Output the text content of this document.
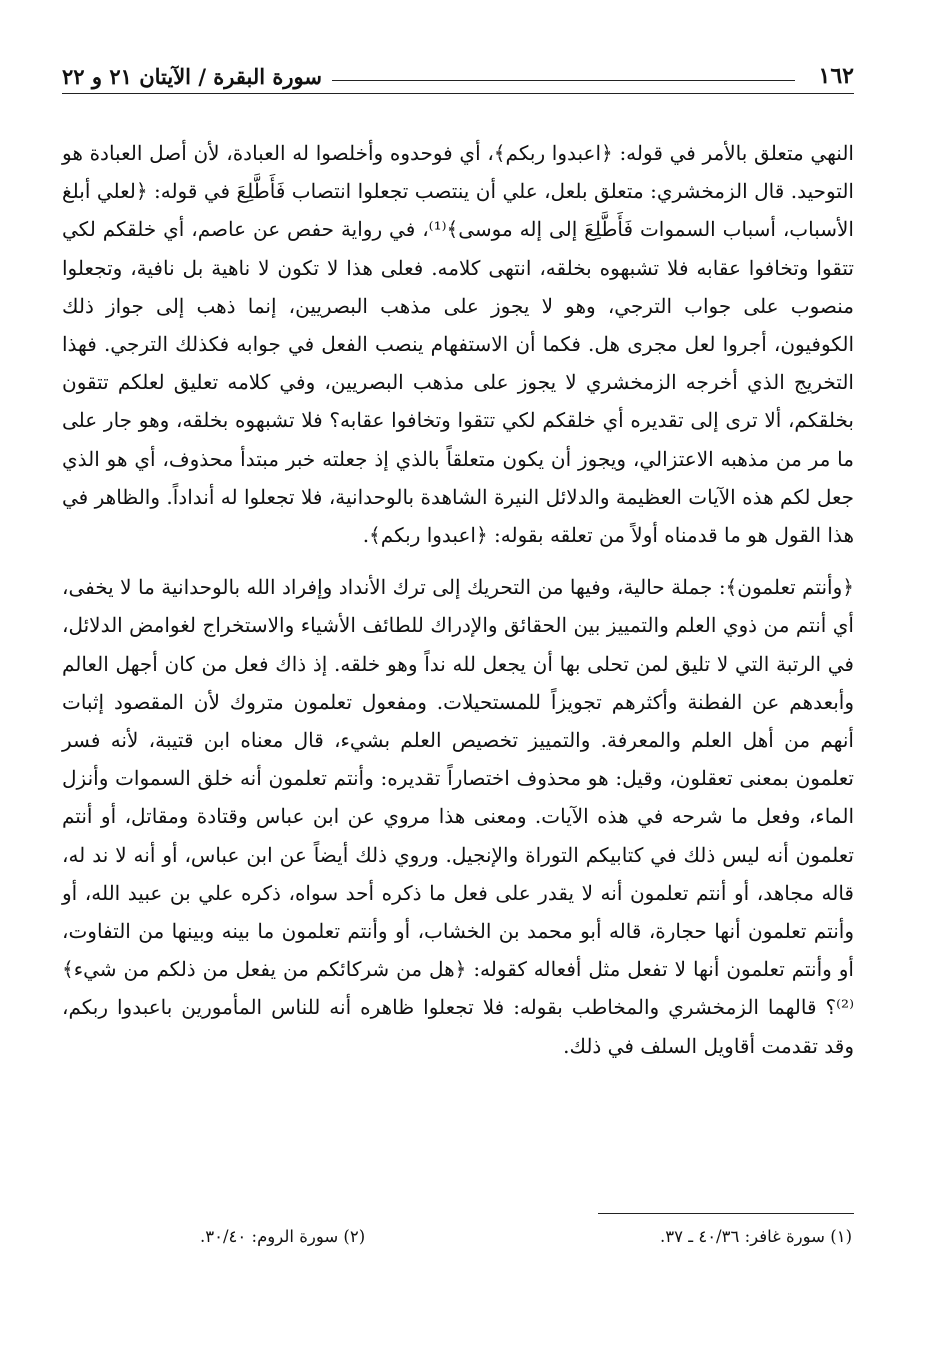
١٦٢
سورة البقرة / الآيتان ٢١ و ٢٢

النهي متعلق بالأمر في قوله: ﴿اعبدوا ربكم﴾، أي فوحدوه وأخلصوا له العبادة، لأن أصل العبادة هو التوحيد. قال الزمخشري: متعلق بلعل، علي أن ينتصب تجعلوا انتصاب فَأَطَّلِعَ في قوله: ﴿لعلي أبلغ الأسباب، أسباب السموات فَأَطَّلِعَ إلى إله موسى﴾⁽¹⁾، في رواية حفص عن عاصم، أي خلقكم لكي تتقوا وتخافوا عقابه فلا تشبهوه بخلقه، انتهى كلامه. فعلى هذا لا تكون لا ناهية بل نافية، وتجعلوا منصوب على جواب الترجي، وهو لا يجوز على مذهب البصريين، إنما ذهب إلى جواز ذلك الكوفيون، أجروا لعل مجرى هل. فكما أن الاستفهام ينصب الفعل في جوابه فكذلك الترجي. فهذا التخريج الذي أخرجه الزمخشري لا يجوز على مذهب البصريين، وفي كلامه تعليق لعلكم تتقون بخلقكم، ألا ترى إلى تقديره أي خلقكم لكي تتقوا وتخافوا عقابه؟ فلا تشبهوه بخلقه، وهو جار على ما مر من مذهبه الاعتزالي، ويجوز أن يكون متعلقاً بالذي إذ جعلته خبر مبتدأ محذوف، أي هو الذي جعل لكم هذه الآيات العظيمة والدلائل النيرة الشاهدة بالوحدانية، فلا تجعلوا له أنداداً. والظاهر في هذا القول هو ما قدمناه أولاً من تعلقه بقوله: ﴿اعبدوا ربكم﴾.

﴿وأنتم تعلمون﴾: جملة حالية، وفيها من التحريك إلى ترك الأنداد وإفراد الله بالوحدانية ما لا يخفى، أي أنتم من ذوي العلم والتمييز بين الحقائق والإدراك للطائف الأشياء والاستخراج لغوامض الدلائل، في الرتبة التي لا تليق لمن تحلى بها أن يجعل لله نداً وهو خلقه. إذ ذاك فعل من كان أجهل العالم وأبعدهم عن الفطنة وأكثرهم تجويزاً للمستحيلات. ومفعول تعلمون متروك لأن المقصود إثبات أنهم من أهل العلم والمعرفة. والتمييز تخصيص العلم بشيء، قال معناه ابن قتيبة، لأنه فسر تعلمون بمعنى تعقلون، وقيل: هو محذوف اختصاراً تقديره: وأنتم تعلمون أنه خلق السموات وأنزل الماء، وفعل ما شرحه في هذه الآيات. ومعنى هذا مروي عن ابن عباس وقتادة ومقاتل، أو أنتم تعلمون أنه ليس ذلك في كتابيكم التوراة والإنجيل. وروي ذلك أيضاً عن ابن عباس، أو أنه لا ند له، قاله مجاهد، أو أنتم تعلمون أنه لا يقدر على فعل ما ذكره أحد سواه، ذكره علي بن عبيد الله، أو وأنتم تعلمون أنها حجارة، قاله أبو محمد بن الخشاب، أو وأنتم تعلمون ما بينه وبينها من التفاوت، أو وأنتم تعلمون أنها لا تفعل مثل أفعاله كقوله: ﴿هل من شركائكم من يفعل من ذلكم من شيء﴾⁽²⁾؟ قالهما الزمخشري والمخاطب بقوله: فلا تجعلوا ظاهره أنه للناس المأمورين باعبدوا ربكم، وقد تقدمت أقاويل السلف في ذلك.

(١) سورة غافر: ٤٠/٣٦ ـ ٣٧.
(٢) سورة الروم: ٣٠/٤٠.
